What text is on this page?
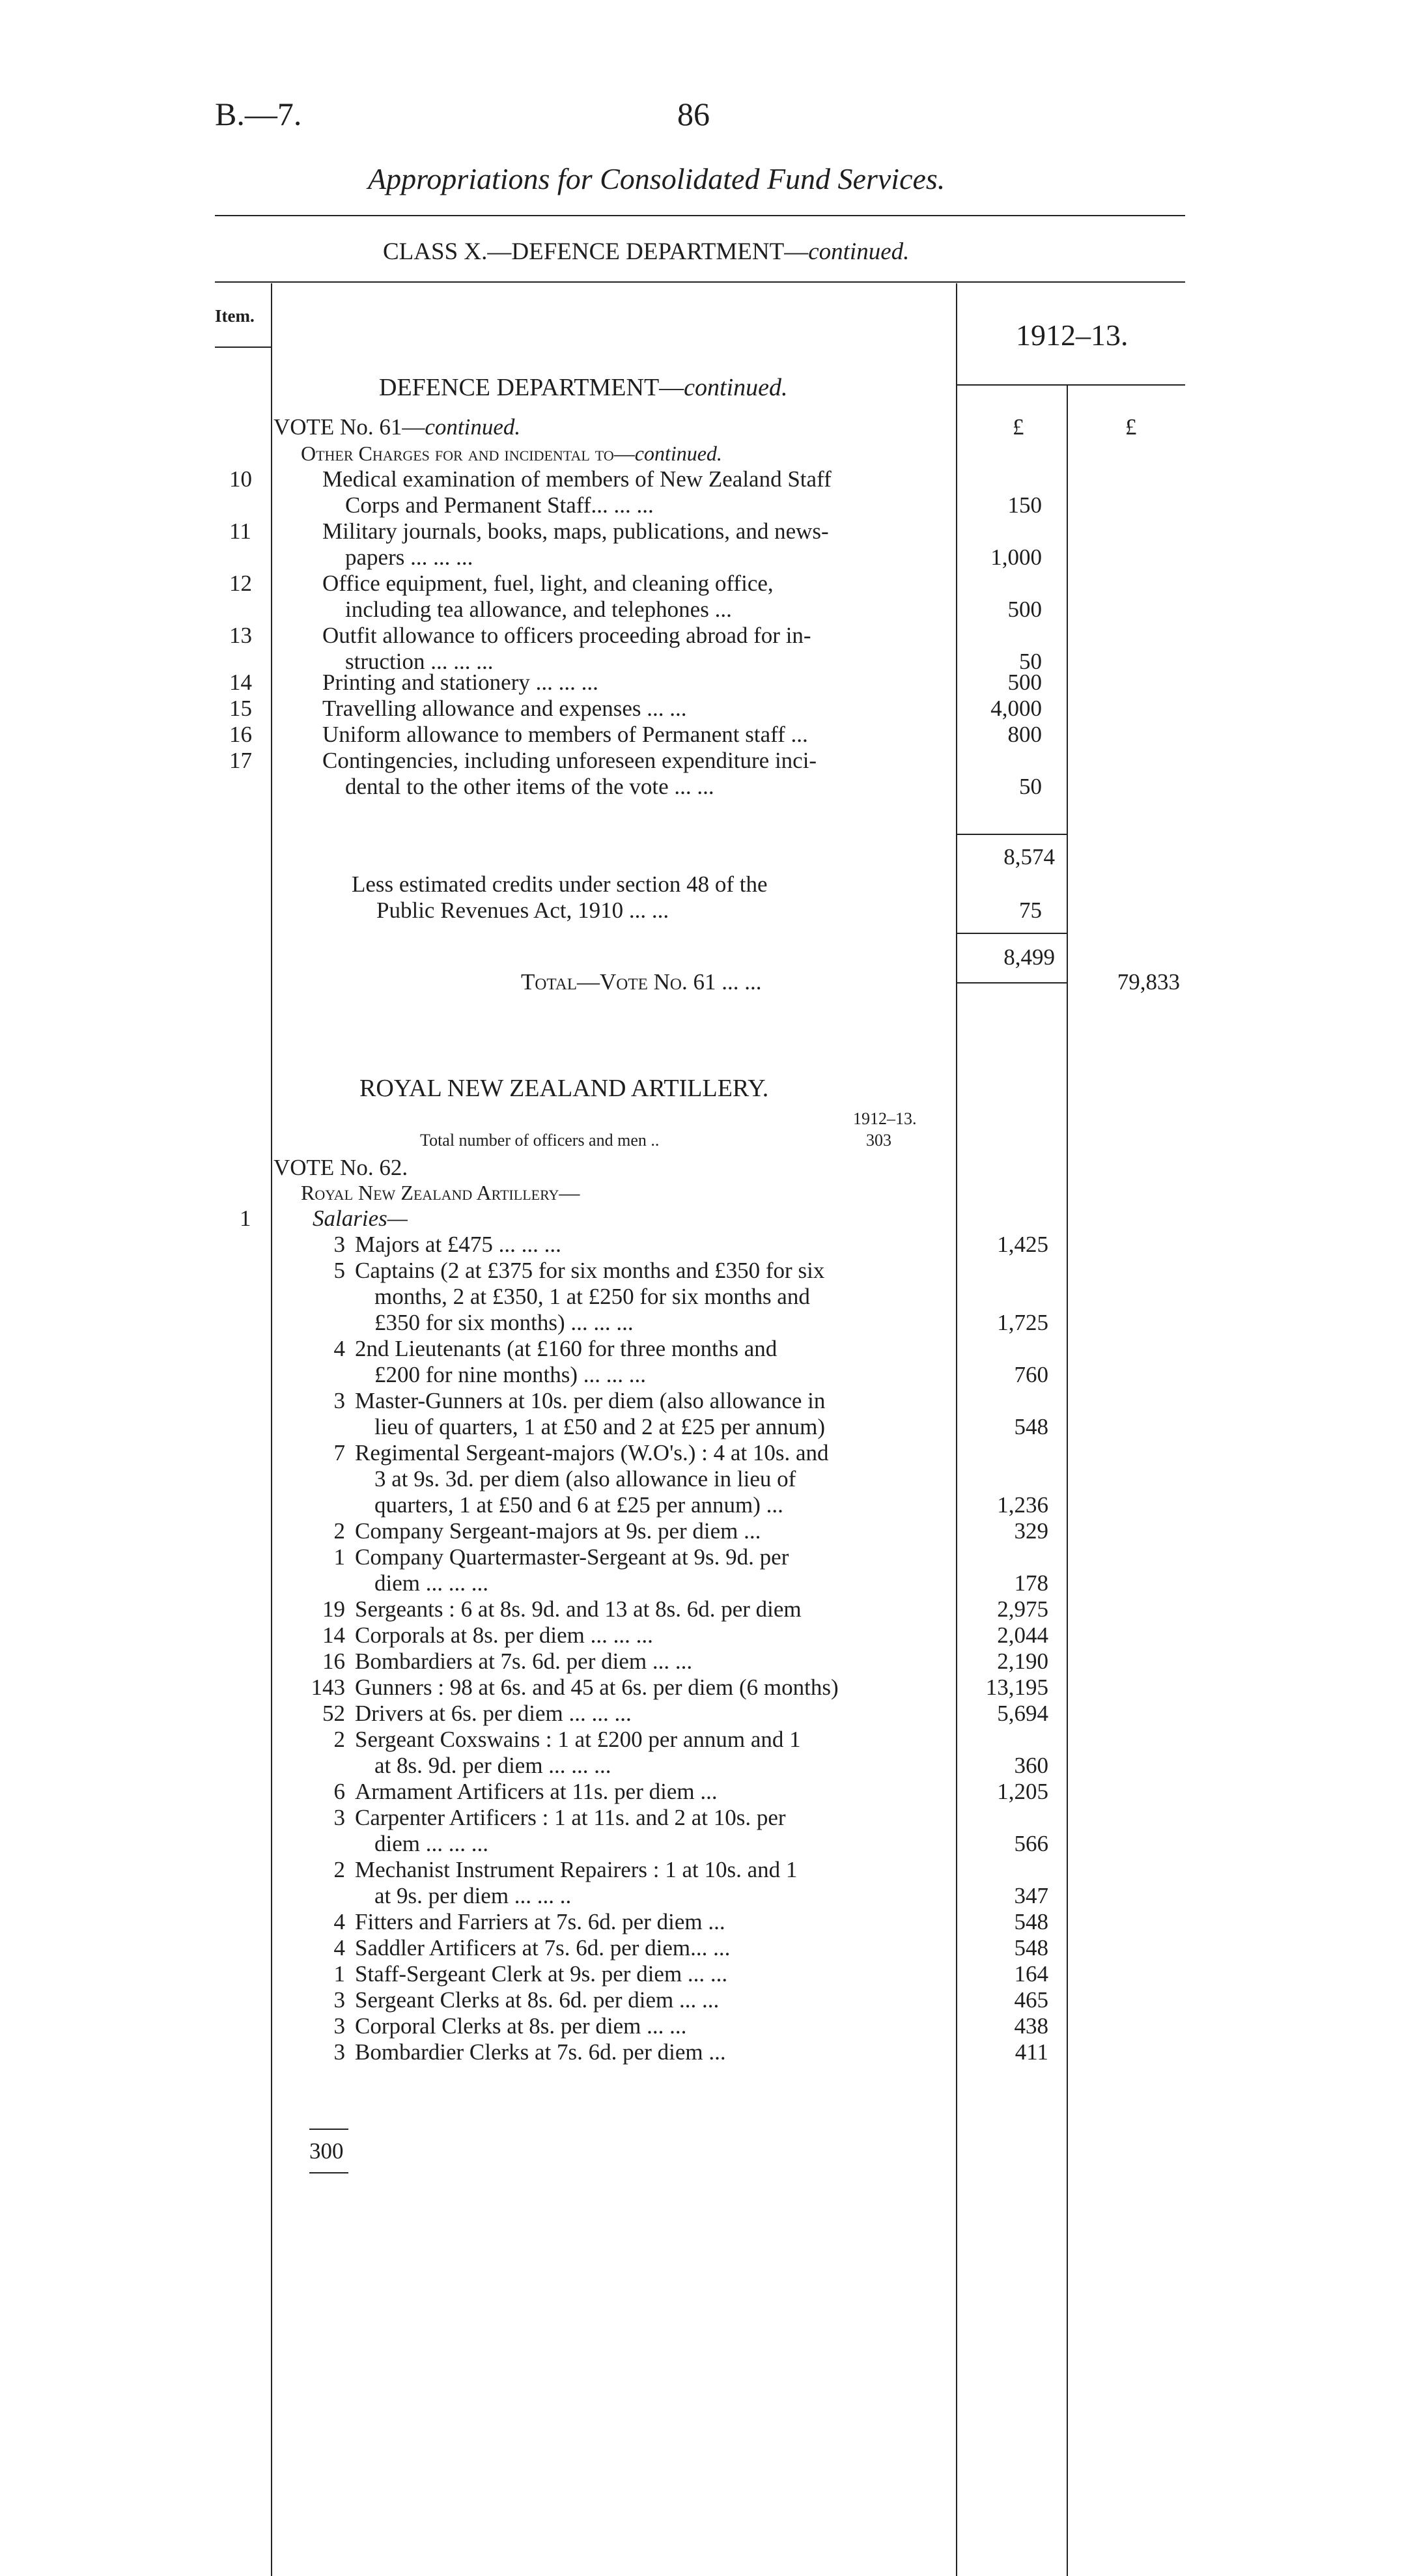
B.—7.	86
Appropriations for Consolidated Fund Services.
CLASS X.—DEFENCE DEPARTMENT—continued.
Item.
1912–13.
DEFENCE DEPARTMENT—continued.
VOTE No. 61—continued.	£	£
Other Charges for and incidental to—continued.
10	Medical examination of members of New Zealand Staff
Corps and Permanent Staff... ... ...	150
11	Military journals, books, maps, publications, and news-
papers ... ... ...	1,000
12	Office equipment, fuel, light, and cleaning office,
including tea allowance, and telephones ...	500
13	Outfit allowance to officers proceeding abroad for in-
struction ... ... ...	50
14	Printing and stationery ... ... ...	500
15	Travelling allowance and expenses ... ...	4,000
16	Uniform allowance to members of Permanent staff ...	800
17	Contingencies, including unforeseen expenditure inci-
dental to the other items of the vote ... ...	50
8,574
Less estimated credits under section 48 of the
Public Revenues Act, 1910 ... ...	75
8,499
Total—Vote No. 61 ... ...	79,833
ROYAL NEW ZEALAND ARTILLERY.
1912–13.
Total number of officers and men ..	303
VOTE No. 62.
Royal New Zealand Artillery—
1	Salaries—
3 Majors at £475 ... ... ...	1,425
5 Captains (2 at £375 for six months and £350 for six
months, 2 at £350, 1 at £250 for six months and
£350 for six months) ... ... ...	1,725
4 2nd Lieutenants (at £160 for three months and
£200 for nine months) ... ... ...	760
3 Master-Gunners at 10s. per diem (also allowance in
lieu of quarters, 1 at £50 and 2 at £25 per annum)	548
7 Regimental Sergeant-majors (W.O's.) : 4 at 10s. and
3 at 9s. 3d. per diem (also allowance in lieu of
quarters, 1 at £50 and 6 at £25 per annum) ...	1,236
2 Company Sergeant-majors at 9s. per diem ...	329
1 Company Quartermaster-Sergeant at 9s. 9d. per
diem ... ... ...	178
19 Sergeants : 6 at 8s. 9d. and 13 at 8s. 6d. per diem	2,975
14 Corporals at 8s. per diem ... ... ...	2,044
16 Bombardiers at 7s. 6d. per diem ... ...	2,190
143 Gunners : 98 at 6s. and 45 at 6s. per diem (6 months)	13,195
52 Drivers at 6s. per diem ... ... ...	5,694
2 Sergeant Coxswains : 1 at £200 per annum and 1
at 8s. 9d. per diem ... ... ...	360
6 Armament Artificers at 11s. per diem ...	1,205
3 Carpenter Artificers : 1 at 11s. and 2 at 10s. per
diem ... ... ...	566
2 Mechanist Instrument Repairers : 1 at 10s. and 1
at 9s. per diem ... ... ..	347
4 Fitters and Farriers at 7s. 6d. per diem ...	548
4 Saddler Artificers at 7s. 6d. per diem... ...	548
1 Staff-Sergeant Clerk at 9s. per diem ... ...	164
3 Sergeant Clerks at 8s. 6d. per diem ... ...	465
3 Corporal Clerks at 8s. per diem ... ...	438
3 Bombardier Clerks at 7s. 6d. per diem ...	411
300
